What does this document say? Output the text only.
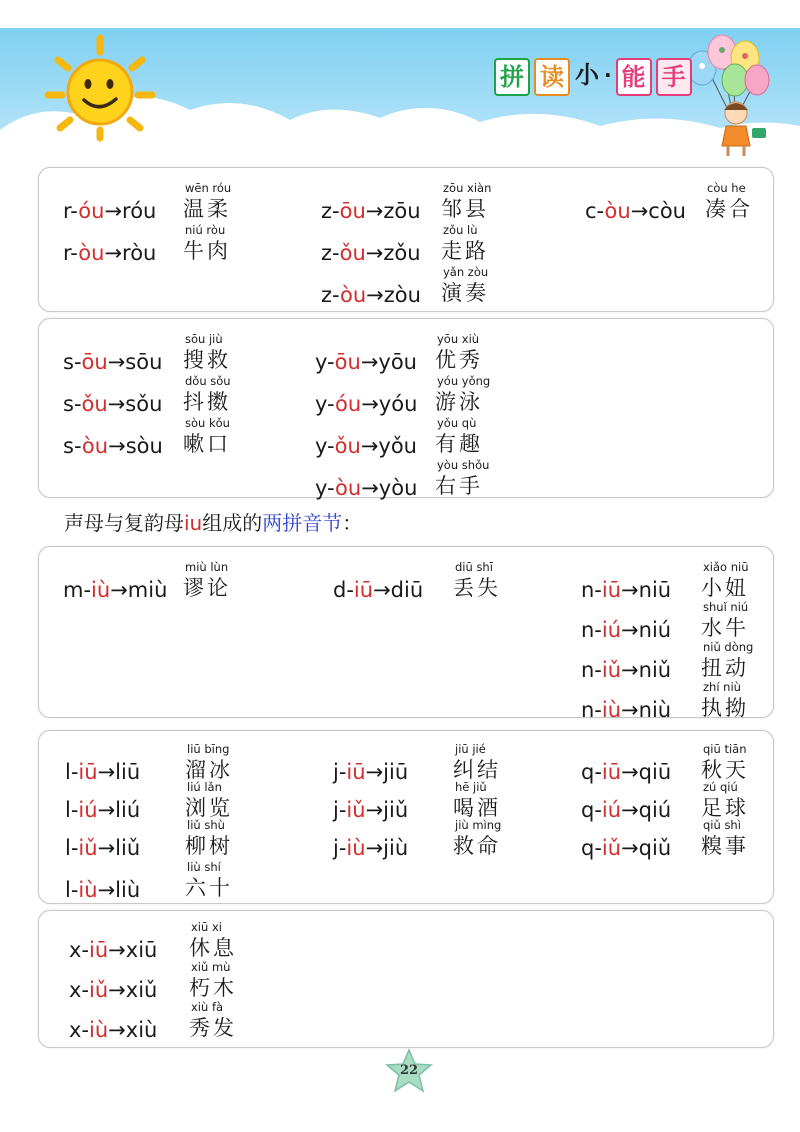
拼 读 小 · 能 手
r-óu→róu
wēn róu
温柔
r-òu→ròu
niú ròu
牛肉
z-ōu→zōu
zōu xiàn
邹县
z-ǒu→zǒu
zǒu lù
走路
z-òu→zòu
yǎn zòu
演奏
c-òu→còu
còu he
凑合
s-ōu→sōu
sōu jiù
搜救
s-ǒu→sǒu
dǒu sǒu
抖擞
s-òu→sòu
sòu kǒu
嗽口
y-ōu→yōu
yōu xiù
优秀
y-óu→yóu
yóu yǒng
游泳
y-ǒu→yǒu
yǒu qù
有趣
y-òu→yòu
yòu shǒu
右手
声母与复韵母iu组成的两拼音节：
m-iù→miù
miù lùn
谬论	d-iū→diū
diū shī
丢失	n-iū→niū
xiǎo niū
小妞
n-iú→niú
shuǐ niú
水牛
n-iǔ→niǔ
niǔ dòng
扭动
n-iù→niù
zhí niù
执拗
l-iū→liū
liū bīng
溜冰
l-iú→liú
liú lǎn
浏览
l-iǔ→liǔ
liǔ shù
柳树
l-iù→liù
liù shí
六十
j-iū→jiū
jiū jié
纠结
j-iǔ→jiǔ
hē jiǔ
喝酒
j-iù→jiù
jiù mìng
救命
q-iū→qiū
qiū tiān
秋天
q-iú→qiú
zú qiú
足球
q-iǔ→qiǔ
qiǔ shì
糗事
x-iū→xiū
xiū xi
休息
x-iǔ→xiǔ
xiǔ mù
朽木
x-iù→xiù
xiù fà
秀发
22
